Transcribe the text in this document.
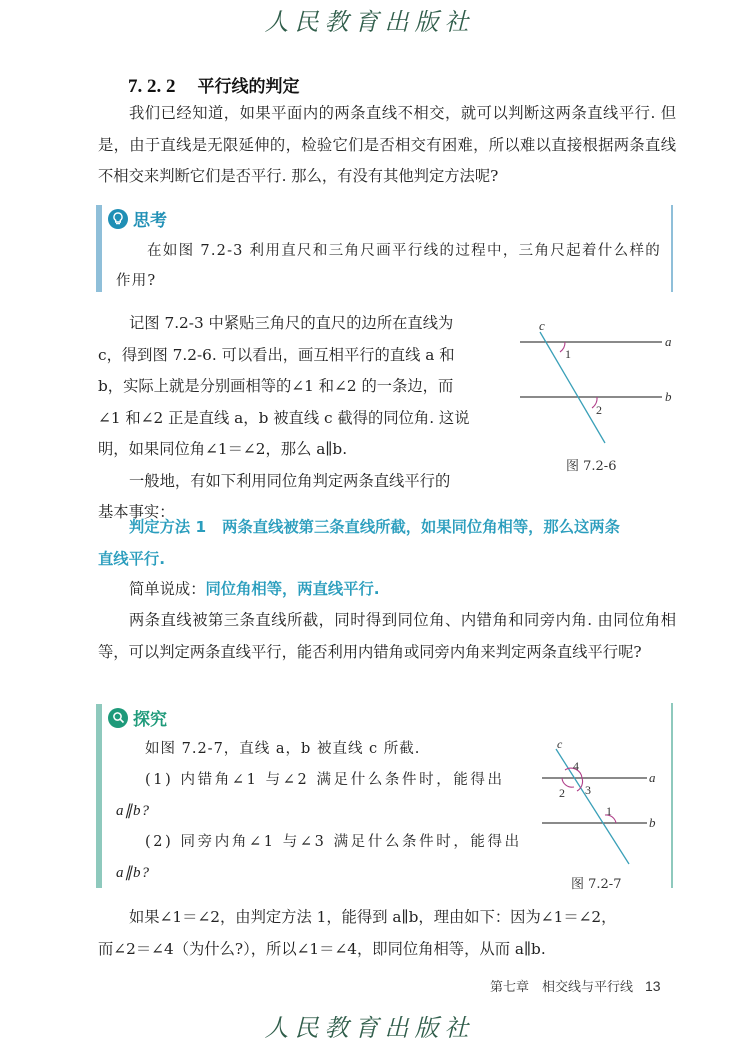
人民教育出版社
7. 2. 2 平行线的判定
我们已经知道，如果平面内的两条直线不相交，就可以判断这两条直线平行. 但是，由于直线是无限延伸的，检验它们是否相交有困难，所以难以直接根据两条直线不相交来判断它们是否平行. 那么，有没有其他判定方法呢?
思考
在如图 7.2-3 利用直尺和三角尺画平行线的过程中，三角尺起着什么样的作用?
记图 7.2-3 中紧贴三角尺的直尺的边所在直线为
c，得到图 7.2-6. 可以看出，画互相平行的直线 a 和
b，实际上就是分别画相等的∠1 和∠2 的一条边，而
∠1 和∠2 正是直线 a，b 被直线 c 截得的同位角. 这说
明，如果同位角∠1＝∠2，那么 a∥b.
一般地，有如下利用同位角判定两条直线平行的
基本事实：
c
a
b
1
2
图 7.2-6
判定方法 1 两条直线被第三条直线所截，如果同位角相等，那么这两条
直线平行.
简单说成：同位角相等，两直线平行.
两条直线被第三条直线所截，同时得到同位角、内错角和同旁内角. 由同位角相等，可以判定两条直线平行，能否利用内错角或同旁内角来判定两条直线平行呢?
探究
如图 7.2-7，直线 a，b 被直线 c 所截.
(1) 内错角∠1 与∠2 满足什么条件时，能得出
a∥b?
(2) 同旁内角∠1 与∠3 满足什么条件时，能得出
a∥b?
c
a
b
4
2 3
1
图 7.2-7
如果∠1＝∠2，由判定方法 1，能得到 a∥b，理由如下：因为∠1＝∠2，
而∠2＝∠4（为什么?），所以∠1＝∠4，即同位角相等，从而 a∥b.
第七章　相交线与平行线 13
人民教育出版社
